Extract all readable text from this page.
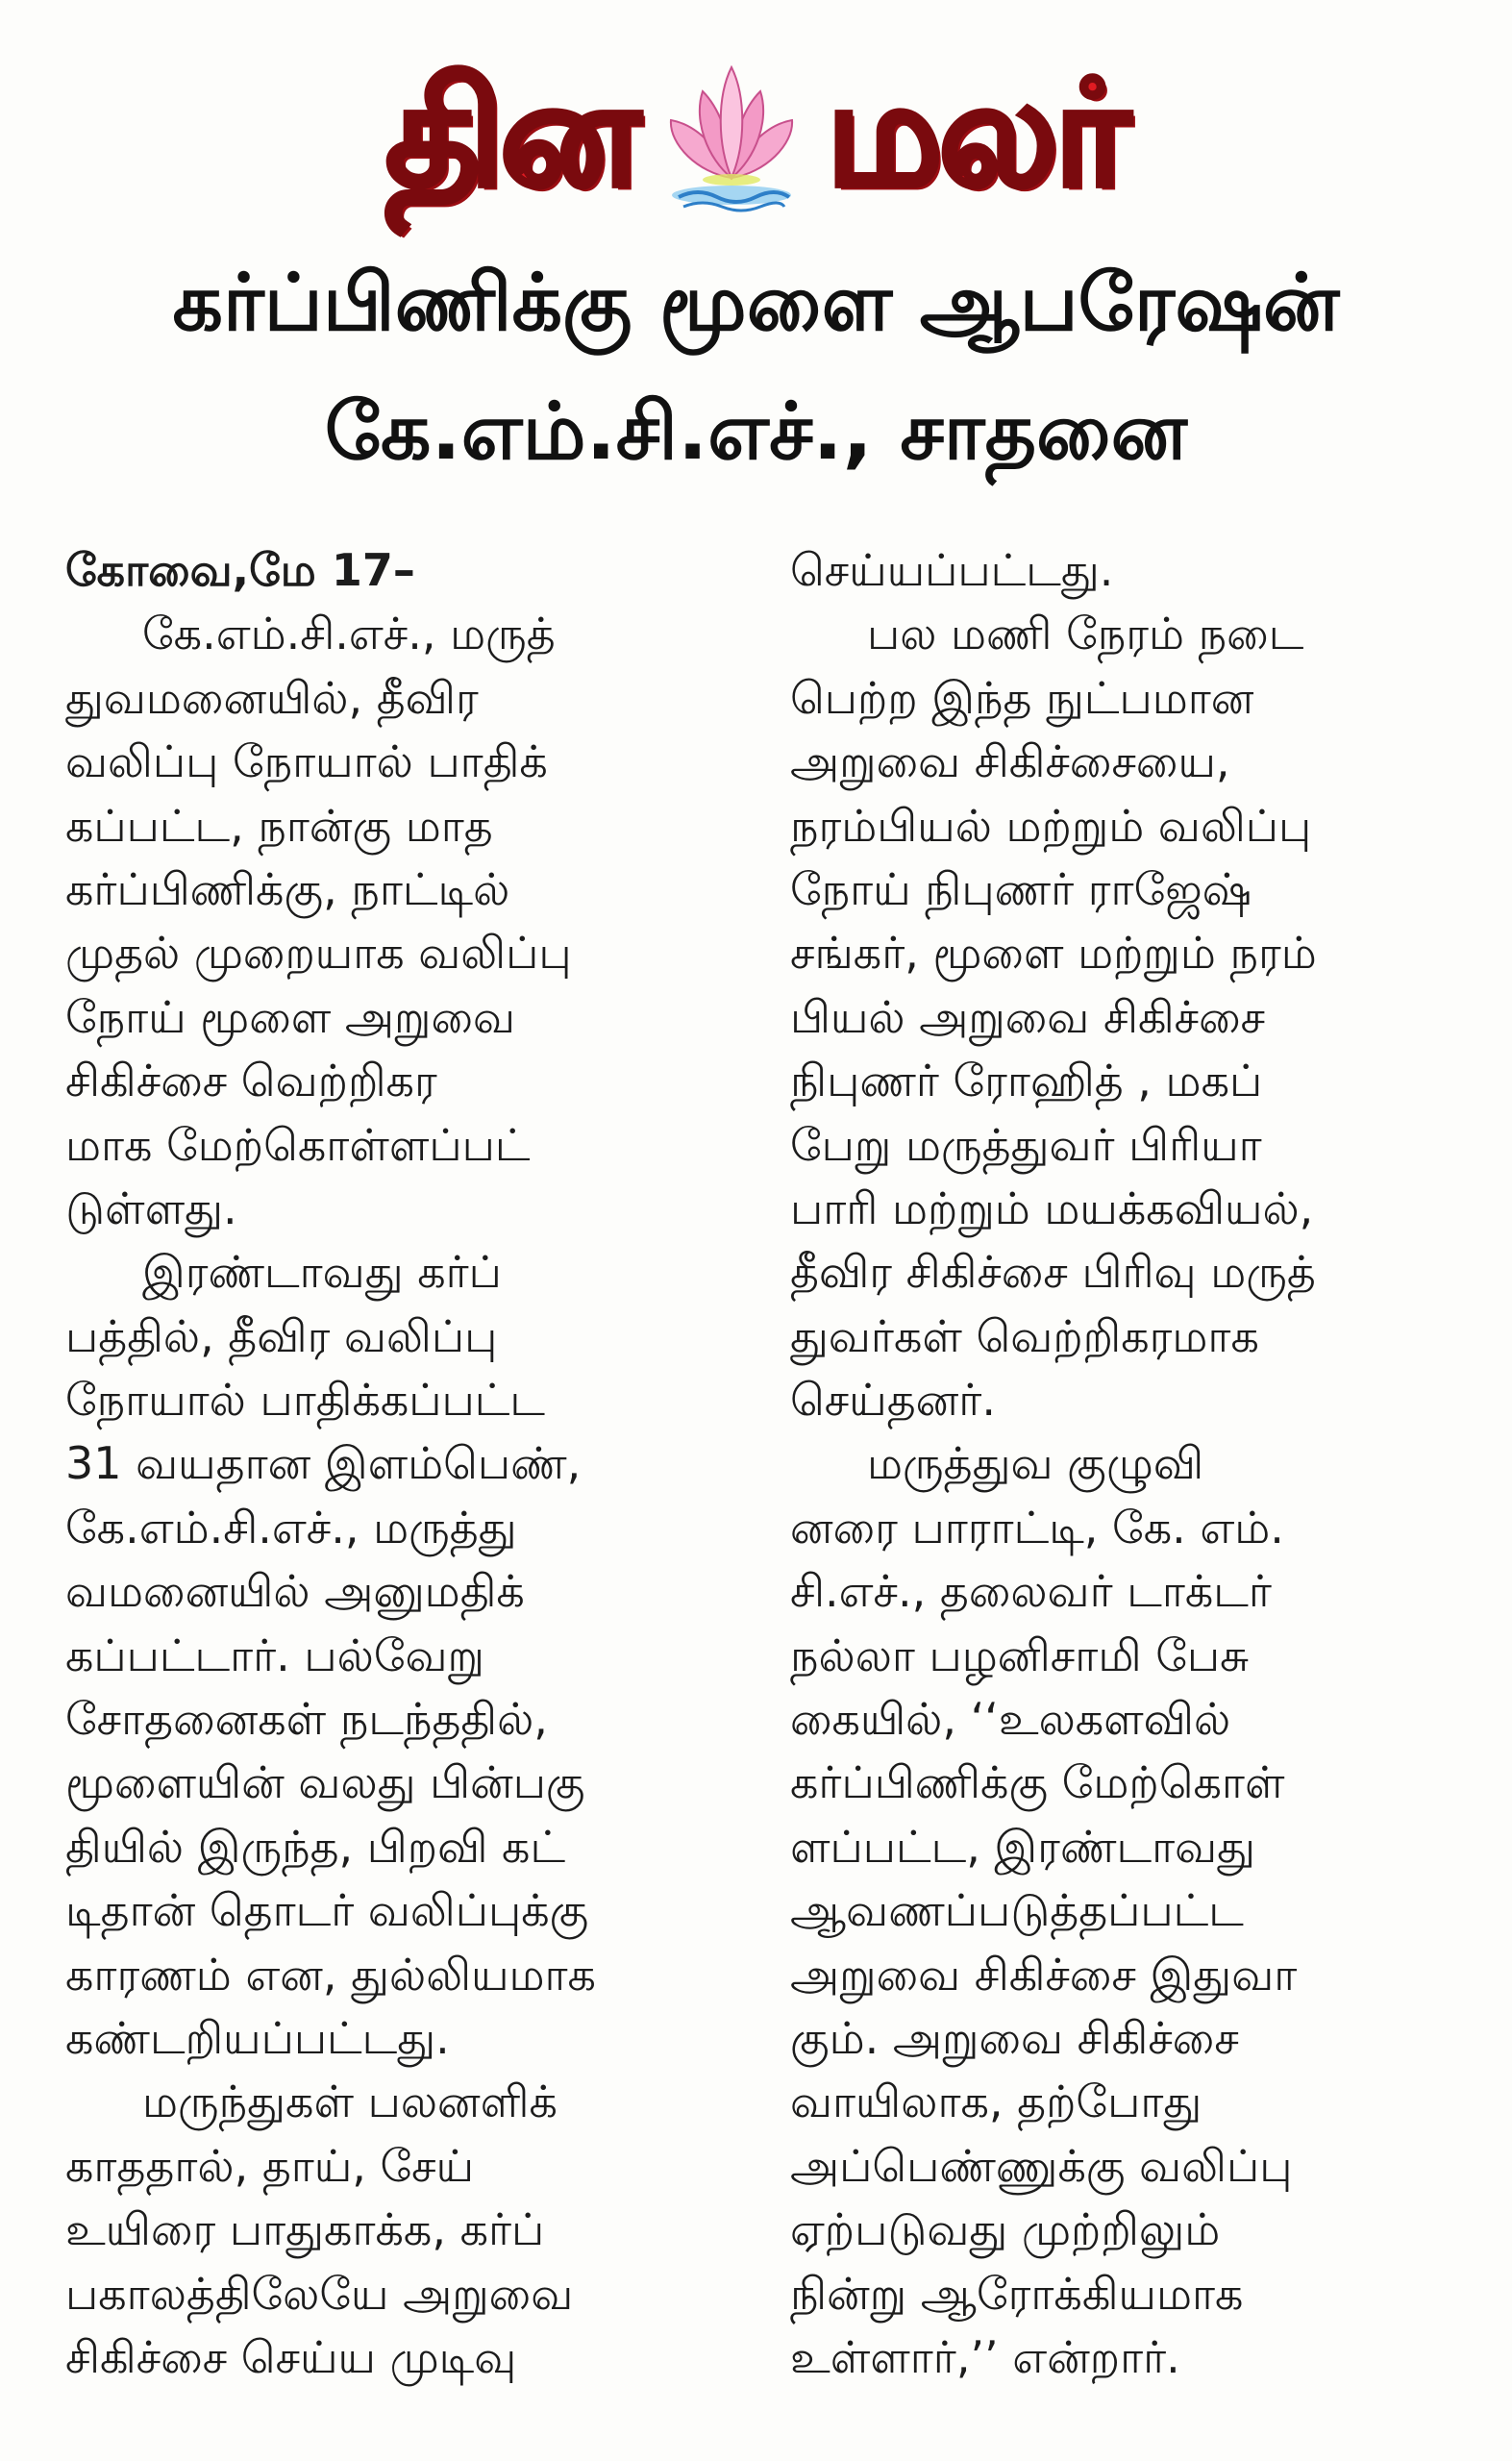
தின மலர்
கர்ப்பிணிக்கு மூளை ஆபரேஷன்
கே.எம்.சி.எச்., சாதனை
கோவை,மே 17–
கே.எம்.சி.எச்., மருத்
துவமனையில், தீவிர
வலிப்பு நோயால் பாதிக்
கப்பட்ட, நான்கு மாத
கர்ப்பிணிக்கு, நாட்டில்
முதல் முறையாக வலிப்பு
நோய் மூளை அறுவை
சிகிச்சை வெற்றிகர
மாக மேற்கொள்ளப்பட்
டுள்ளது.
இரண்டாவது கர்ப்
பத்தில், தீவிர வலிப்பு
நோயால் பாதிக்கப்பட்ட
31 வயதான இளம்பெண்,
கே.எம்.சி.எச்., மருத்து
வமனையில் அனுமதிக்
கப்பட்டார். பல்வேறு
சோதனைகள் நடந்ததில்,
மூளையின் வலது பின்பகு
தியில் இருந்த, பிறவி கட்
டிதான் தொடர் வலிப்புக்கு
காரணம் என, துல்லியமாக
கண்டறியப்பட்டது.
மருந்துகள் பலனளிக்
காததால், தாய், சேய்
உயிரை பாதுகாக்க, கர்ப்
பகாலத்திலேயே அறுவை
சிகிச்சை செய்ய முடிவு
செய்யப்பட்டது.
பல மணி நேரம் நடை
பெற்ற இந்த நுட்பமான
அறுவை சிகிச்சையை,
நரம்பியல் மற்றும் வலிப்பு
நோய் நிபுணர் ராஜேஷ்
சங்கர், மூளை மற்றும் நரம்
பியல் அறுவை சிகிச்சை
நிபுணர் ரோஹித் , மகப்
பேறு மருத்துவர் பிரியா
பாரி மற்றும் மயக்கவியல்,
தீவிர சிகிச்சை பிரிவு மருத்
துவர்கள் வெற்றிகரமாக
செய்தனர்.
மருத்துவ குழுவி
னரை பாராட்டி, கே. எம்.
சி.எச்., தலைவர் டாக்டர்
நல்லா பழனிசாமி பேசு
கையில், ‘‘உலகளவில்
கர்ப்பிணிக்கு மேற்கொள்
ளப்பட்ட, இரண்டாவது
ஆவணப்படுத்தப்பட்ட
அறுவை சிகிச்சை இதுவா
கும். அறுவை சிகிச்சை
வாயிலாக, தற்போது
அப்பெண்ணுக்கு வலிப்பு
ஏற்படுவது முற்றிலும்
நின்று ஆரோக்கியமாக
உள்ளார்,’’ என்றார்.
